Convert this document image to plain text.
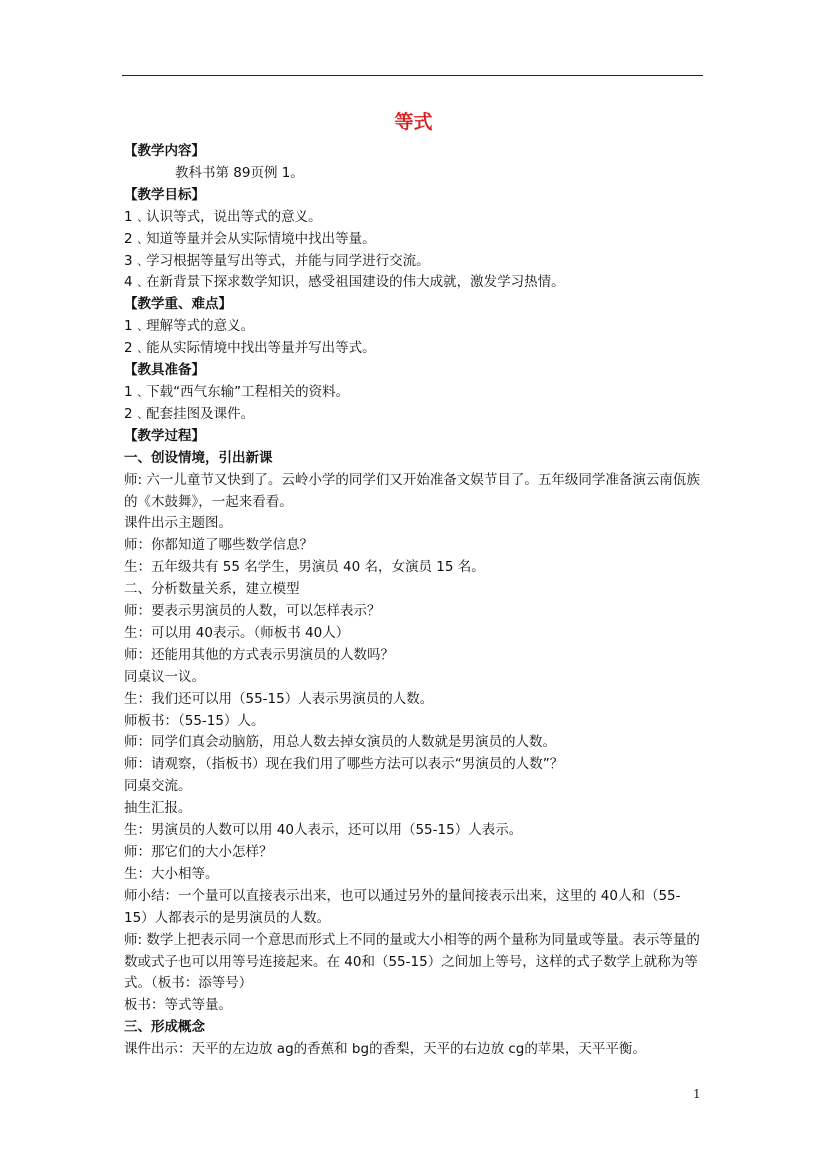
等式
【教学内容】
教科书第 89页例 1。
【教学目标】
1﹑认识等式，说出等式的意义。
2﹑知道等量并会从实际情境中找出等量。
3﹑学习根据等量写出等式，并能与同学进行交流。
4﹑在新背景下探求数学知识，感受祖国建设的伟大成就，激发学习热情。
【教学重、难点】
1﹑理解等式的意义。
2﹑能从实际情境中找出等量并写出等式。
【教具准备】
1﹑下载“西气东输”工程相关的资料。
2﹑配套挂图及课件。
【教学过程】
一、创设情境，引出新课
师: 六一儿童节又快到了。云岭小学的同学们又开始准备文娱节目了。五年级同学准备演云南佤族的《木鼓舞》，一起来看看。
课件出示主题图。
师：你都知道了哪些数学信息？
生：五年级共有 55 名学生，男演员 40 名，女演员 15 名。
二、分析数量关系，建立模型
师：要表示男演员的人数，可以怎样表示？
生：可以用 40表示。（师板书 40人）
师：还能用其他的方式表示男演员的人数吗？
同桌议一议。
生：我们还可以用（55-15）人表示男演员的人数。
师板书：（55-15）人。
师：同学们真会动脑筋，用总人数去掉女演员的人数就是男演员的人数。
师：请观察，（指板书）现在我们用了哪些方法可以表示“男演员的人数”？
同桌交流。
抽生汇报。
生：男演员的人数可以用 40人表示，还可以用（55-15）人表示。
师：那它们的大小怎样？
生：大小相等。
师小结：一个量可以直接表示出来，也可以通过另外的量间接表示出来，这里的 40人和（55-15）人都表示的是男演员的人数。
师: 数学上把表示同一个意思而形式上不同的量或大小相等的两个量称为同量或等量。表示等量的数或式子也可以用等号连接起来。在 40和（55-15）之间加上等号，这样的式子数学上就称为等式。（板书：添等号）
板书：等式等量。
三、形成概念
课件出示：天平的左边放 ag的香蕉和 bg的香梨，天平的右边放 cg的苹果，天平平衡。
1
